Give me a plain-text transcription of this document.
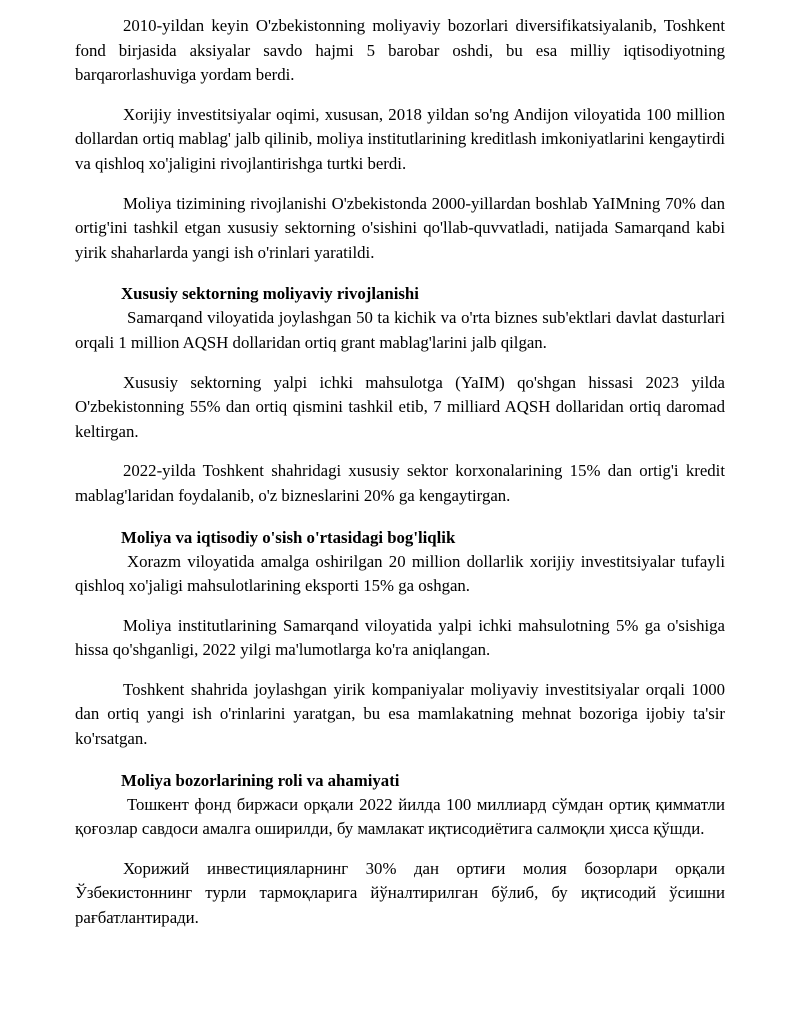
2010-yildan keyin O'zbekistonning moliyaviy bozorlari diversifikatsiyalanib, Toshkent fond birjasida aksiyalar savdo hajmi 5 barobar oshdi, bu esa milliy iqtisodiyotning barqarorlashuviga yordam berdi.

Xorijiy investitsiyalar oqimi, xususan, 2018 yildan so'ng Andijon viloyatida 100 million dollardan ortiq mablag' jalb qilinib, moliya institutlarining kreditlash imkoniyatlarini kengaytirdi va qishloq xo'jaligini rivojlantirishga turtki berdi.

Moliya tizimining rivojlanishi O'zbekistonda 2000-yillardan boshlab YaIMning 70% dan ortig'ini tashkil etgan xususiy sektorning o'sishini qo'llab-quvvatladi, natijada Samarqand kabi yirik shaharlarda yangi ish o'rinlari yaratildi.

Xususiy sektorning moliyaviy rivojlanishi

Samarqand viloyatida joylashgan 50 ta kichik va o'rta biznes sub'ektlari davlat dasturlari orqali 1 million AQSH dollaridan ortiq grant mablag'larini jalb qilgan.

Xususiy sektorning yalpi ichki mahsulotga (YaIM) qo'shgan hissasi 2023 yilda O'zbekistonning 55% dan ortiq qismini tashkil etib, 7 milliard AQSH dollaridan ortiq daromad keltirgan.

2022-yilda Toshkent shahridagi xususiy sektor korxonalarining 15% dan ortig'i kredit mablag'laridan foydalanib, o'z bizneslarini 20% ga kengaytirgan.

Moliya va iqtisodiy o'sish o'rtasidagi bog'liqlik

Xorazm viloyatida amalga oshirilgan 20 million dollarlik xorijiy investitsiyalar tufayli qishloq xo'jaligi mahsulotlarining eksporti 15% ga oshgan.

Moliya institutlarining Samarqand viloyatida yalpi ichki mahsulotning 5% ga o'sishiga hissa qo'shganligi, 2022 yilgi ma'lumotlarga ko'ra aniqlangan.

Toshkent shahrida joylashgan yirik kompaniyalar moliyaviy investitsiyalar orqali 1000 dan ortiq yangi ish o'rinlarini yaratgan, bu esa mamlakatning mehnat bozoriga ijobiy ta'sir ko'rsatgan.

Moliya bozorlarining roli va ahamiyati

Тошкент фонд биржаси орқали 2022 йилда 100 миллиард сўмдан ортиқ қимматли қоғозлар савдоси амалга оширилди, бу мамлакат иқтисодиётига салмоқли ҳисса қўшди.

Хорижий инвестицияларнинг 30% дан ортиғи молия бозорлари орқали Ўзбекистоннинг турли тармоқларига йўналтирилган бўлиб, бу иқтисодий ўсишни рағбатлантиради.
